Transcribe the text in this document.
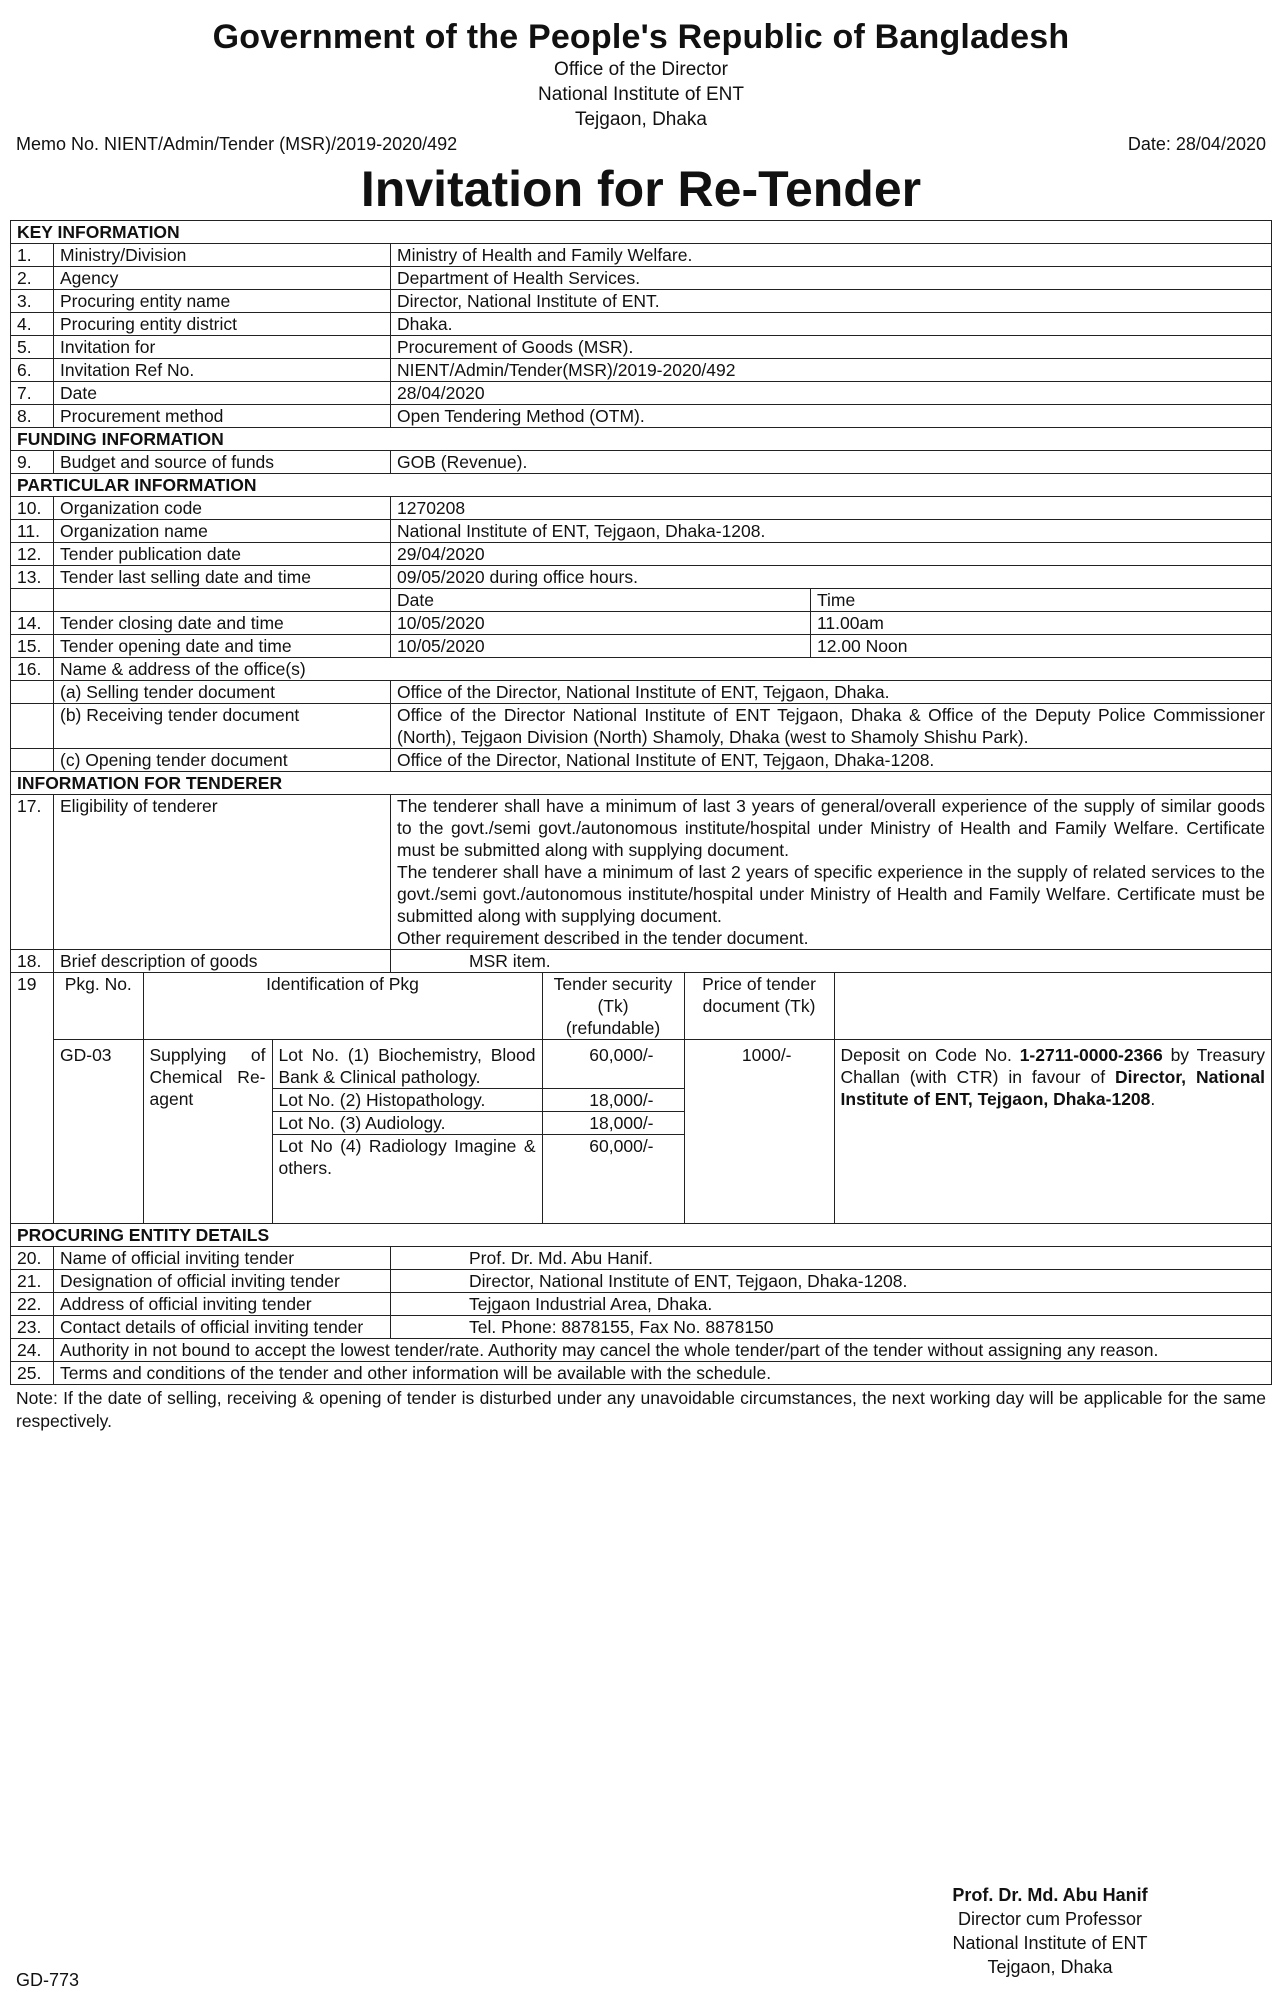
Government of the People's Republic of Bangladesh
Office of the Director
National Institute of ENT
Tejgaon, Dhaka
Memo No. NIENT/Admin/Tender (MSR)/2019-2020/492	Date: 28/04/2020
Invitation for Re-Tender
KEY INFORMATION
1.	Ministry/Division	Ministry of Health and Family Welfare.
2.	Agency	Department of Health Services.
3.	Procuring entity name	Director, National Institute of ENT.
4.	Procuring entity district	Dhaka.
5.	Invitation for	Procurement of Goods (MSR).
6.	Invitation Ref No.	NIENT/Admin/Tender(MSR)/2019-2020/492
7.	Date	28/04/2020
8.	Procurement method	Open Tendering Method (OTM).
FUNDING INFORMATION
9.	Budget and source of funds	GOB (Revenue).
PARTICULAR INFORMATION
10.	Organization code	1270208
11.	Organization name	National Institute of ENT, Tejgaon, Dhaka-1208.
12.	Tender publication date	29/04/2020
13.	Tender last selling date and time	09/05/2020 during office hours.
		Date	Time
14.	Tender closing date and time	10/05/2020	11.00am
15.	Tender opening date and time	10/05/2020	12.00 Noon
16.	Name & address of the office(s)
	(a) Selling tender document	Office of the Director, National Institute of ENT, Tejgaon, Dhaka.
	(b) Receiving tender document	Office of the Director National Institute of ENT Tejgaon, Dhaka & Office of the Deputy Police Commissioner (North), Tejgaon Division (North) Shamoly, Dhaka (west to Shamoly Shishu Park).
	(c) Opening tender document	Office of the Director, National Institute of ENT, Tejgaon, Dhaka-1208.
INFORMATION FOR TENDERER
17.	Eligibility of tenderer	The tenderer shall have a minimum of last 3 years of general/overall experience of the supply of similar goods to the govt./semi govt./autonomous institute/hospital under Ministry of Health and Family Welfare. Certificate must be submitted along with supplying document.
The tenderer shall have a minimum of last 2 years of specific experience in the supply of related services to the govt./semi govt./autonomous institute/hospital under Ministry of Health and Family Welfare. Certificate must be submitted along with supplying document.
Other requirement described in the tender document.

18.	Brief description of goods	MSR item.
19	Pkg. No.	Identification of Pkg	Tender security (Tk) (refundable)	Price of tender document (Tk)	
GD-03	Supplying of Chemical Re-agent	Lot No. (1) Biochemistry, Blood Bank & Clinical pathology.	60,000/-	1000/-	Deposit on Code No. 1-2711-0000-2366 by Treasury Challan (with CTR) in favour of Director, National Institute of ENT, Tejgaon, Dhaka-1208.
Lot No. (2) Histopathology.	18,000/-
Lot No. (3) Audiology.	18,000/-
Lot No (4) Radiology Imagine & others.	60,000/-

PROCURING ENTITY DETAILS
20.	Name of official inviting tender	Prof. Dr. Md. Abu Hanif.
21.	Designation of official inviting tender	Director, National Institute of ENT, Tejgaon, Dhaka-1208.
22.	Address of official inviting tender	Tejgaon Industrial Area, Dhaka.
23.	Contact details of official inviting tender	Tel. Phone: 8878155, Fax No. 8878150
24.	Authority in not bound to accept the lowest tender/rate. Authority may cancel the whole tender/part of the tender without assigning any reason.
25.	Terms and conditions of the tender and other information will be available with the schedule.
Note: If the date of selling, receiving & opening of tender is disturbed under any unavoidable circumstances, the next working day will be applicable for the same respectively.
Prof. Dr. Md. Abu Hanif
Director cum Professor
National Institute of ENT
Tejgaon, Dhaka
GD-773
